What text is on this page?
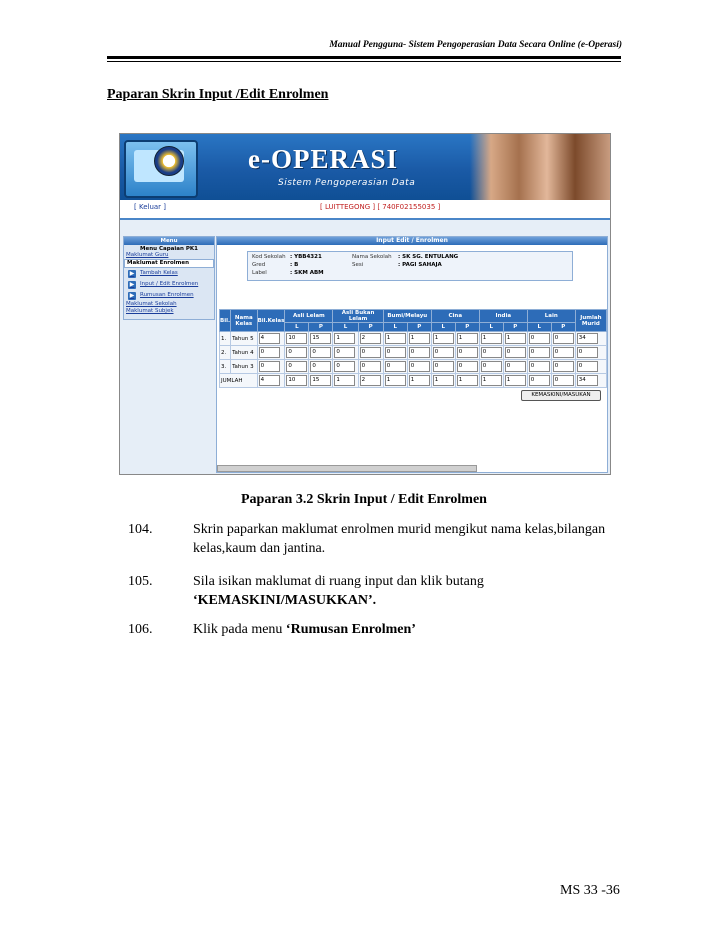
Manual Pengguna- Sistem Pengoperasian Data Secara Online (e-Operasi)
Paparan Skrin Input /Edit Enrolmen
e-OPERASI
Sistem Pengoperasian Data
[ Keluar ]	[ LUITTEGONG ] [ 740F02155035 ]
Menu
Menu Capaian PK1
Maklumat Guru
Maklumat Enrolmen
▶	Tambah Kelas
▶	Input / Edit Enrolmen
▶	Rumusan Enrolmen
Maklumat Sekolah
Maklumat Subjek
Input Edit / Enrolmen
Kod Sekolah : YBB4321	Nama Sekolah : SK SG. ENTULANG
Gred	: B	Sesi	: PAGI SAHAJA
Label	: SKM ABM
Bil.	Nama Kelas	Bil.Kelas	Asli Lelam		Asli Bukan Lelam		Bumi/Melayu		Cina		India		Lain		Jumlah Murid
			L	P	L	P	L	P	L	P	L	P	L	P	
1.	Tahun 5	4	10	15	1	2	1	1	1	1	1	1	0	0	34
2.	Tahun 4	0	0	0	0	0	0	0	0	0	0	0	0	0	0
3.	Tahun 3	0	0	0	0	0	0	0	0	0	0	0	0	0	0
JUMLAH		4	10	15	1	2	1	1	1	1	1	1	0	0	34
KEMASKINI/MASUKAN
Paparan 3.2 Skrin Input / Edit Enrolmen
104.	Skrin paparkan maklumat enrolmen murid mengikut nama kelas,bilangan
kelas,kaum dan jantina.
105.	Sila isikan maklumat di ruang input dan klik butang
‘KEMASKINI/MASUKKAN’.
106.	Klik pada menu ‘Rumusan Enrolmen’
MS 33 -36
